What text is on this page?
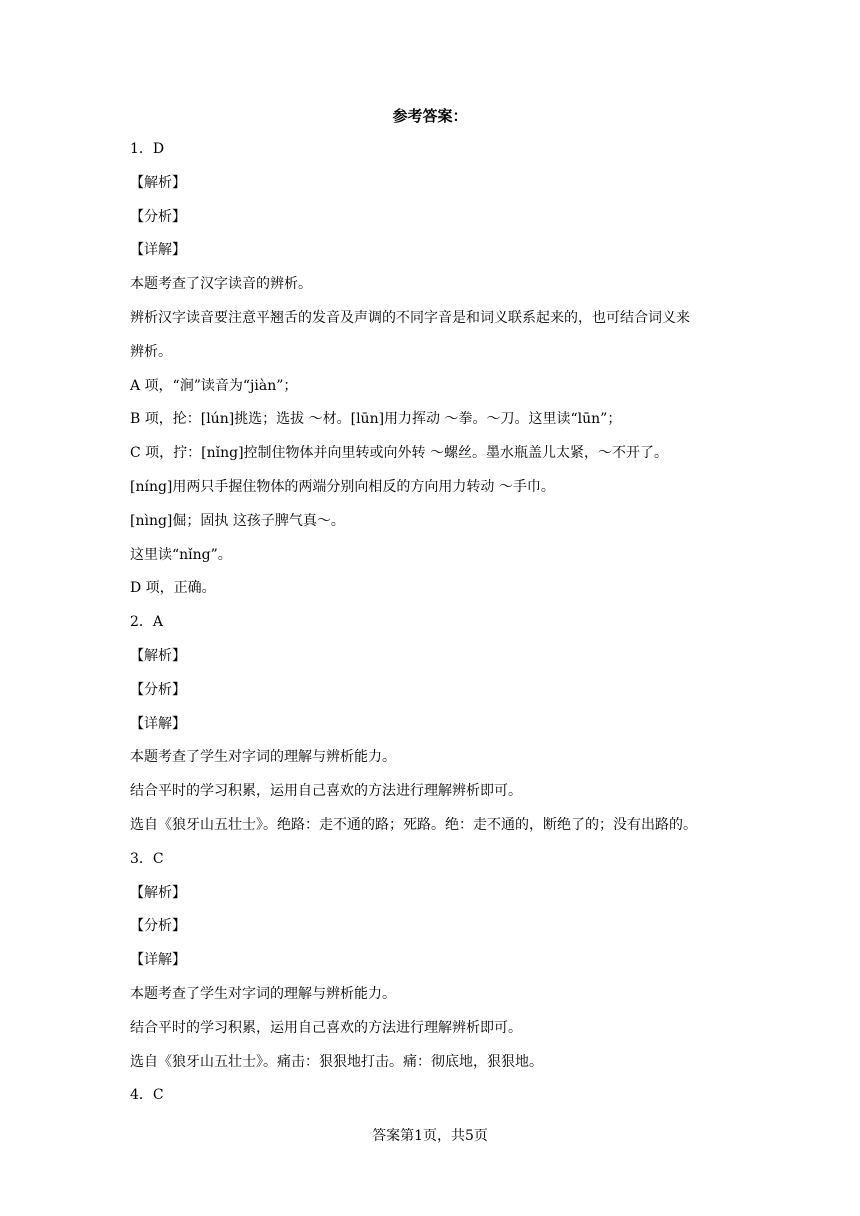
参考答案：
1．D
【解析】
【分析】
【详解】
本题考查了汉字读音的辨析。
辨析汉字读音要注意平翘舌的发音及声调的不同字音是和词义联系起来的，也可结合词义来
辨析。
A 项，“涧”读音为“jiàn”；
B 项，抡：[lún]挑选；选拔 ～材。[lūn]用力挥动 ～拳。～刀。这里读“lūn”；
C 项，拧：[nǐng]控制住物体并向里转或向外转 ～螺丝。墨水瓶盖儿太紧，～不开了。
[níng]用两只手握住物体的两端分别向相反的方向用力转动 ～手巾。
[nìng]倔；固执 这孩子脾气真～。
这里读“nǐng”。
D 项，正确。
2．A
【解析】
【分析】
【详解】
本题考查了学生对字词的理解与辨析能力。
结合平时的学习积累，运用自己喜欢的方法进行理解辨析即可。
选自《狼牙山五壮士》。绝路：走不通的路；死路。绝：走不通的，断绝了的；没有出路的。
3．C
【解析】
【分析】
【详解】
本题考查了学生对字词的理解与辨析能力。
结合平时的学习积累，运用自己喜欢的方法进行理解辨析即可。
选自《狼牙山五壮士》。痛击：狠狠地打击。痛：彻底地，狠狠地。
4．C
答案第1页，共5页
